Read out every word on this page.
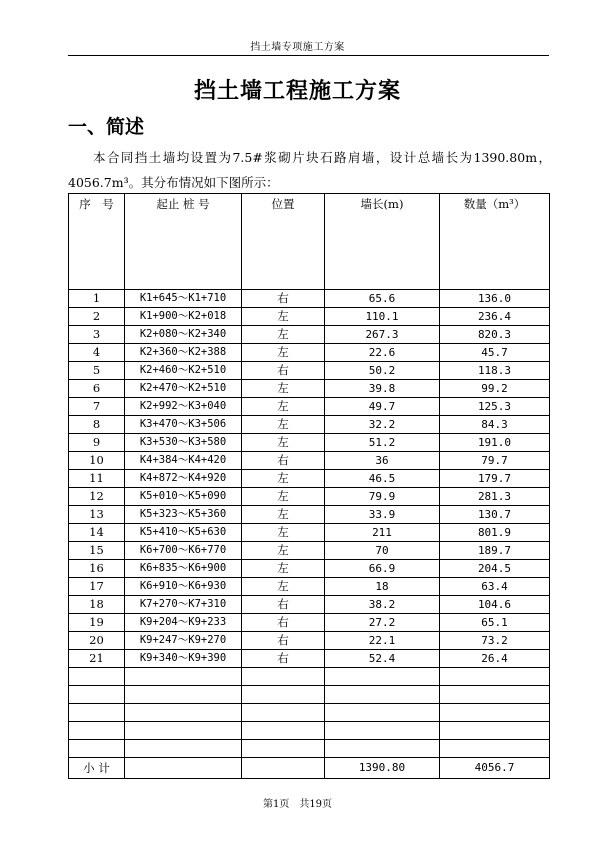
挡土墙专项施工方案
挡土墙工程施工方案
一、简述
本合同挡土墙均设置为7.5#浆砌片块石路肩墙，设计总墙长为1390.80m，4056.7m³。其分布情况如下图所示：
序　号	起止 桩 号	位置	墙长(m)	数量（m³）
1	K1+645～K1+710	右	65.6	136.0
2	K1+900～K2+018	左	110.1	236.4
3	K2+080～K2+340	左	267.3	820.3
4	K2+360～K2+388	左	22.6	45.7
5	K2+460～K2+510	右	50.2	118.3
6	K2+470～K2+510	左	39.8	99.2
7	K2+992～K3+040	左	49.7	125.3
8	K3+470～K3+506	左	32.2	84.3
9	K3+530～K3+580	左	51.2	191.0
10	K4+384～K4+420	右	36	79.7
11	K4+872～K4+920	左	46.5	179.7
12	K5+010～K5+090	左	79.9	281.3
13	K5+323～K5+360	左	33.9	130.7
14	K5+410～K5+630	左	211	801.9
15	K6+700～K6+770	左	70	189.7
16	K6+835～K6+900	左	66.9	204.5
17	K6+910～K6+930	左	18	63.4
18	K7+270～K7+310	右	38.2	104.6
19	K9+204～K9+233	右	27.2	65.1
20	K9+247～K9+270	右	22.1	73.2
21	K9+340～K9+390	右	52.4	26.4

小 计			1390.80	4056.7
第1页　共19页
